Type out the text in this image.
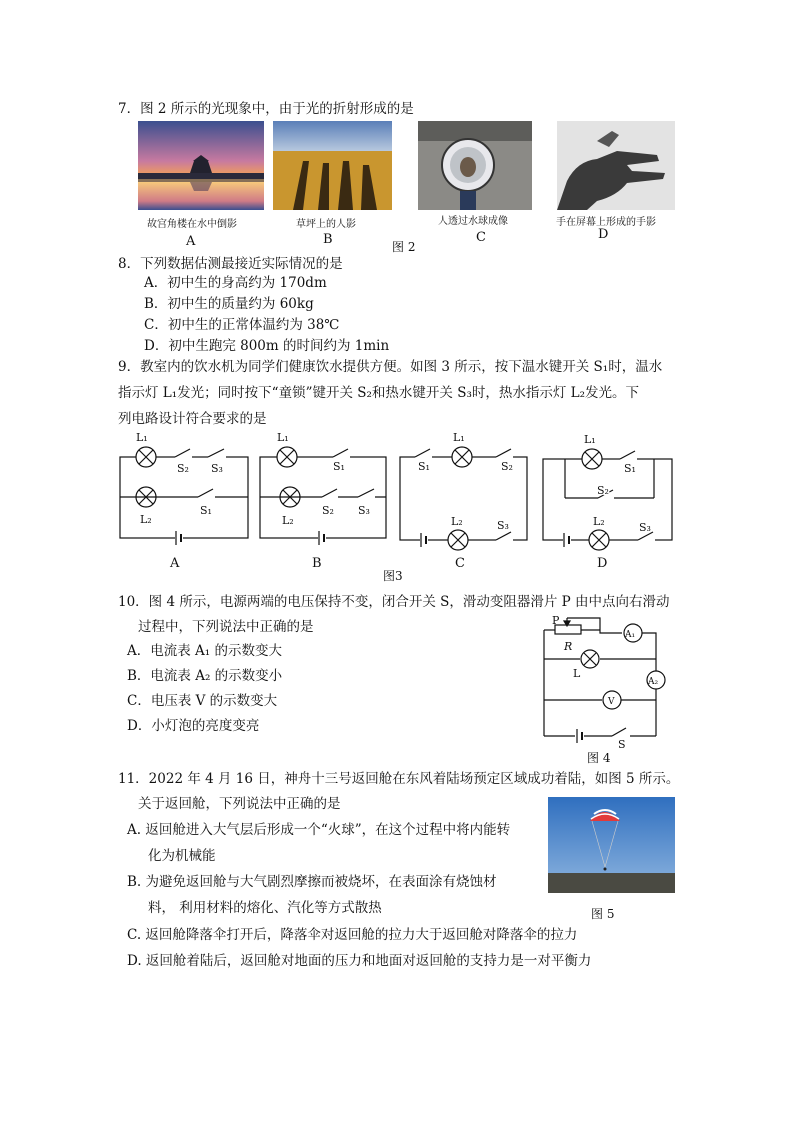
7．图 2 所示的光现象中，由于光的折射形成的是
故宫角楼在水中倒影	草坪上的人影	人透过水球成像	手在屏幕上形成的手影
A	B	图 2
C	D
8．下列数据估测最接近实际情况的是
A．初中生的身高约为 170dm
B．初中生的质量约为 60kg
C．初中生的正常体温约为 38℃
D．初中生跑完 800m 的时间约为 1min
9．教室内的饮水机为同学们健康饮水提供方便。如图 3 所示，按下温水键开关 S₁时，温水
指示灯 L₁发光；同时按下“童锁”键开关 S₂和热水键开关 S₃时，热水指示灯 L₂发光。下
列电路设计符合要求的是
L₁
S₂ S₃
S₁
L₂
L₁
S₁
S₂ S₃
L₂
L₁
S₁	S₂
L₂	S₃
L₁
S₁
S₂
L₂	S₃
A	B
图3
C	D
10．图 4 所示，电源两端的电压保持不变，闭合开关 S，滑动变阻器滑片 P 由中点向右滑动
过程中，下列说法中正确的是
A．电流表 A₁ 的示数变大
B．电流表 A₂ 的示数变小
C．电压表 V 的示数变大
D．小灯泡的亮度变亮
P
R
A₁
L
A₂
V
S
图 4
11．2022 年 4 月 16 日，神舟十三号返回舱在东风着陆场预定区域成功着陆，如图 5 所示。
关于返回舱，下列说法中正确的是
A. 返回舱进入大气层后形成一个“火球”，在这个过程中将内能转
化为机械能
B. 为避免返回舱与大气剧烈摩擦而被烧坏，在表面涂有烧蚀材
料， 利用材料的熔化、汽化等方式散热
C. 返回舱降落伞打开后，降落伞对返回舱的拉力大于返回舱对降落伞的拉力
D. 返回舱着陆后，返回舱对地面的压力和地面对返回舱的支持力是一对平衡力
图 5
